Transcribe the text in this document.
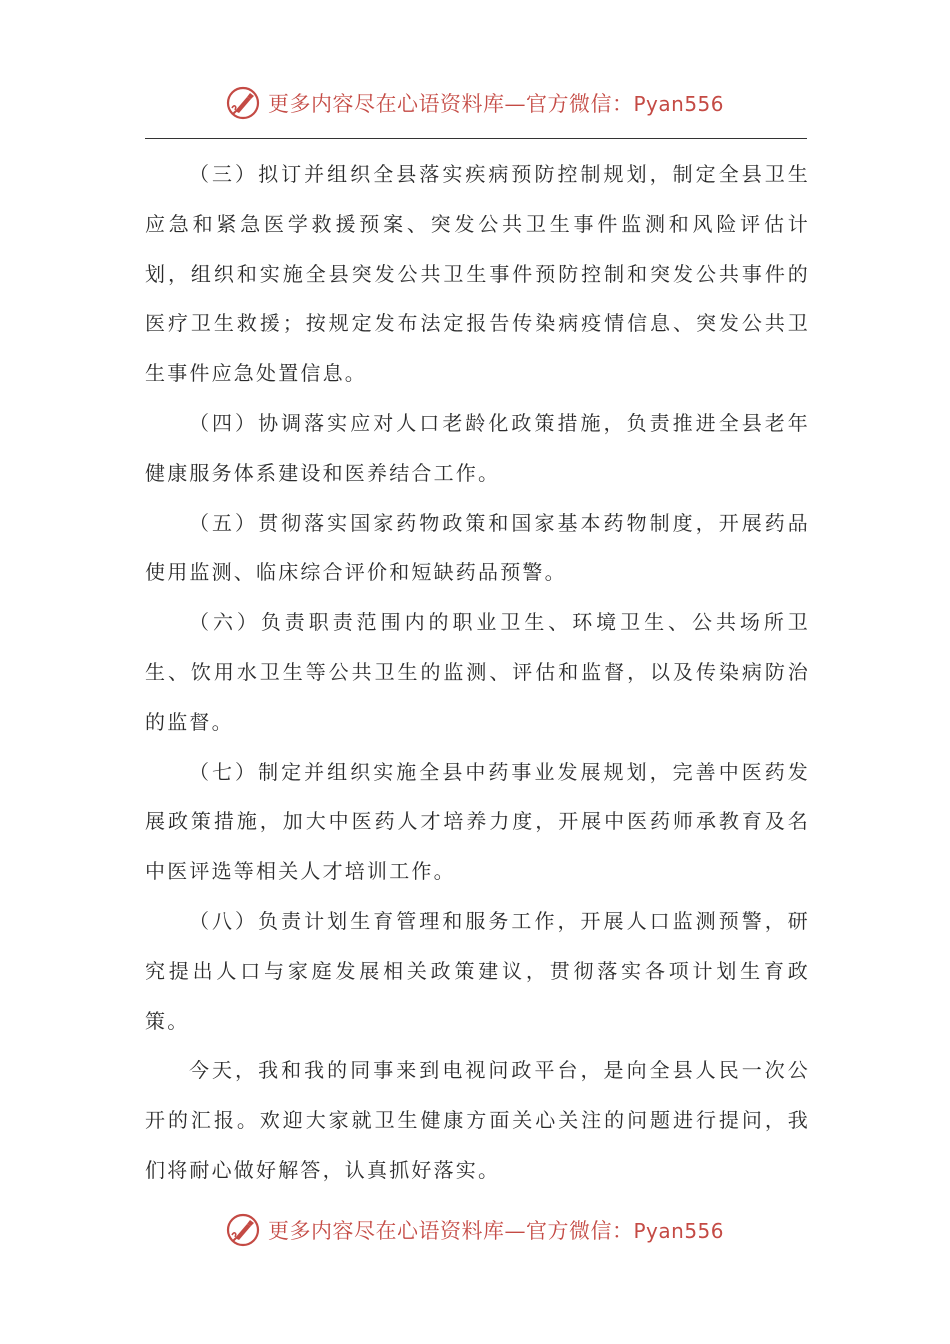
更多内容尽在心语资料库—官方微信：Pyan556

（三）拟订并组织全县落实疾病预防控制规划，制定全县卫生应急和紧急医学救援预案、突发公共卫生事件监测和风险评估计划，组织和实施全县突发公共卫生事件预防控制和突发公共事件的医疗卫生救援；按规定发布法定报告传染病疫情信息、突发公共卫生事件应急处置信息。

（四）协调落实应对人口老龄化政策措施，负责推进全县老年健康服务体系建设和医养结合工作。

（五）贯彻落实国家药物政策和国家基本药物制度，开展药品使用监测、临床综合评价和短缺药品预警。

（六）负责职责范围内的职业卫生、环境卫生、公共场所卫生、饮用水卫生等公共卫生的监测、评估和监督，以及传染病防治的监督。

（七）制定并组织实施全县中药事业发展规划，完善中医药发展政策措施，加大中医药人才培养力度，开展中医药师承教育及名中医评选等相关人才培训工作。

（八）负责计划生育管理和服务工作，开展人口监测预警，研究提出人口与家庭发展相关政策建议，贯彻落实各项计划生育政策。

今天，我和我的同事来到电视问政平台，是向全县人民一次公开的汇报。欢迎大家就卫生健康方面关心关注的问题进行提问，我们将耐心做好解答，认真抓好落实。

更多内容尽在心语资料库—官方微信：Pyan556
